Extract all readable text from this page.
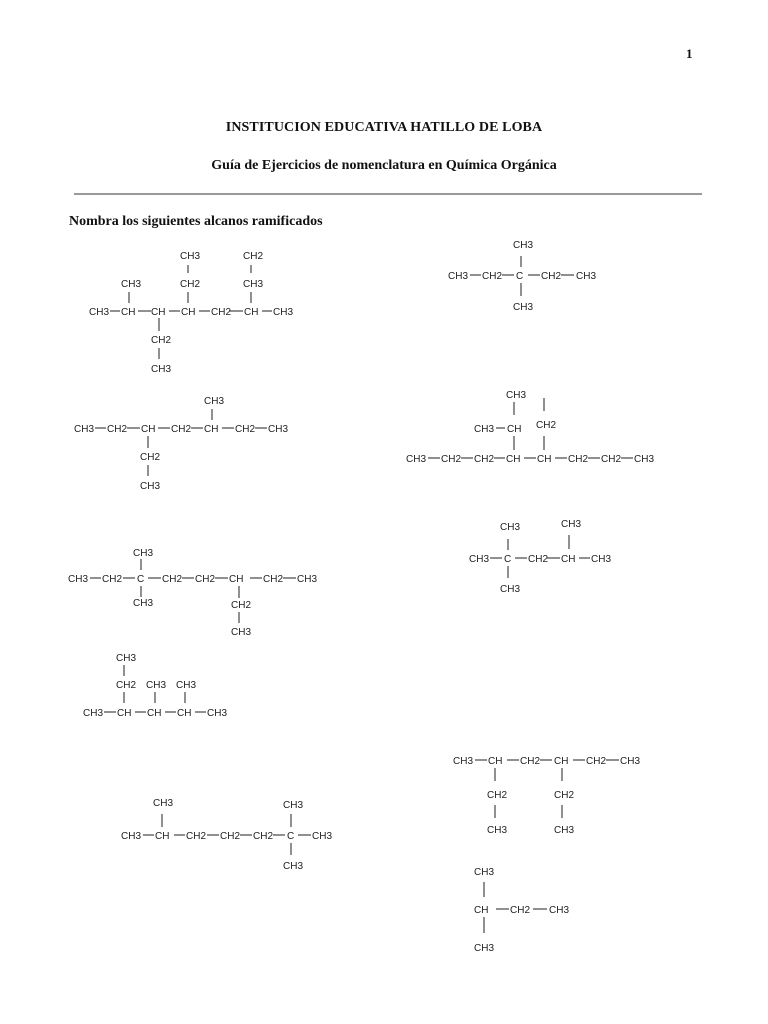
1
INSTITUCION EDUCATIVA HATILLO DE LOBA
Guía de Ejercicios de nomenclatura en Química Orgánica
Nombra los siguientes alcanos ramificados
CH3 CH CH CH CH2 CH CH3
CH3
CH3
CH2
CH2
CH3
CH2
CH3
CH3 CH2 C CH2 CH3
CH3
CH3
CH3 CH2 CH CH2 CH CH2 CH3
CH3
CH2
CH3
CH3 CH2 CH2 CH CH CH2 CH2 CH3
CH3 CH
CH3
CH2
CH3
CH3
C CH2 CH CH3
CH3
CH3
CH3 CH2 C CH2 CH2 CH CH2 CH3
CH3
CH3	CH2
CH3
CH3
CH2 CH3 CH3
CH3 CH CH CH CH3
CH3 CH CH2 CH CH2 CH3
CH2
CH3
CH2
CH3
CH3 CH CH2 CH2 CH2 C CH3
CH3	CH3
CH3
CH3
CH CH2 CH3
CH3
